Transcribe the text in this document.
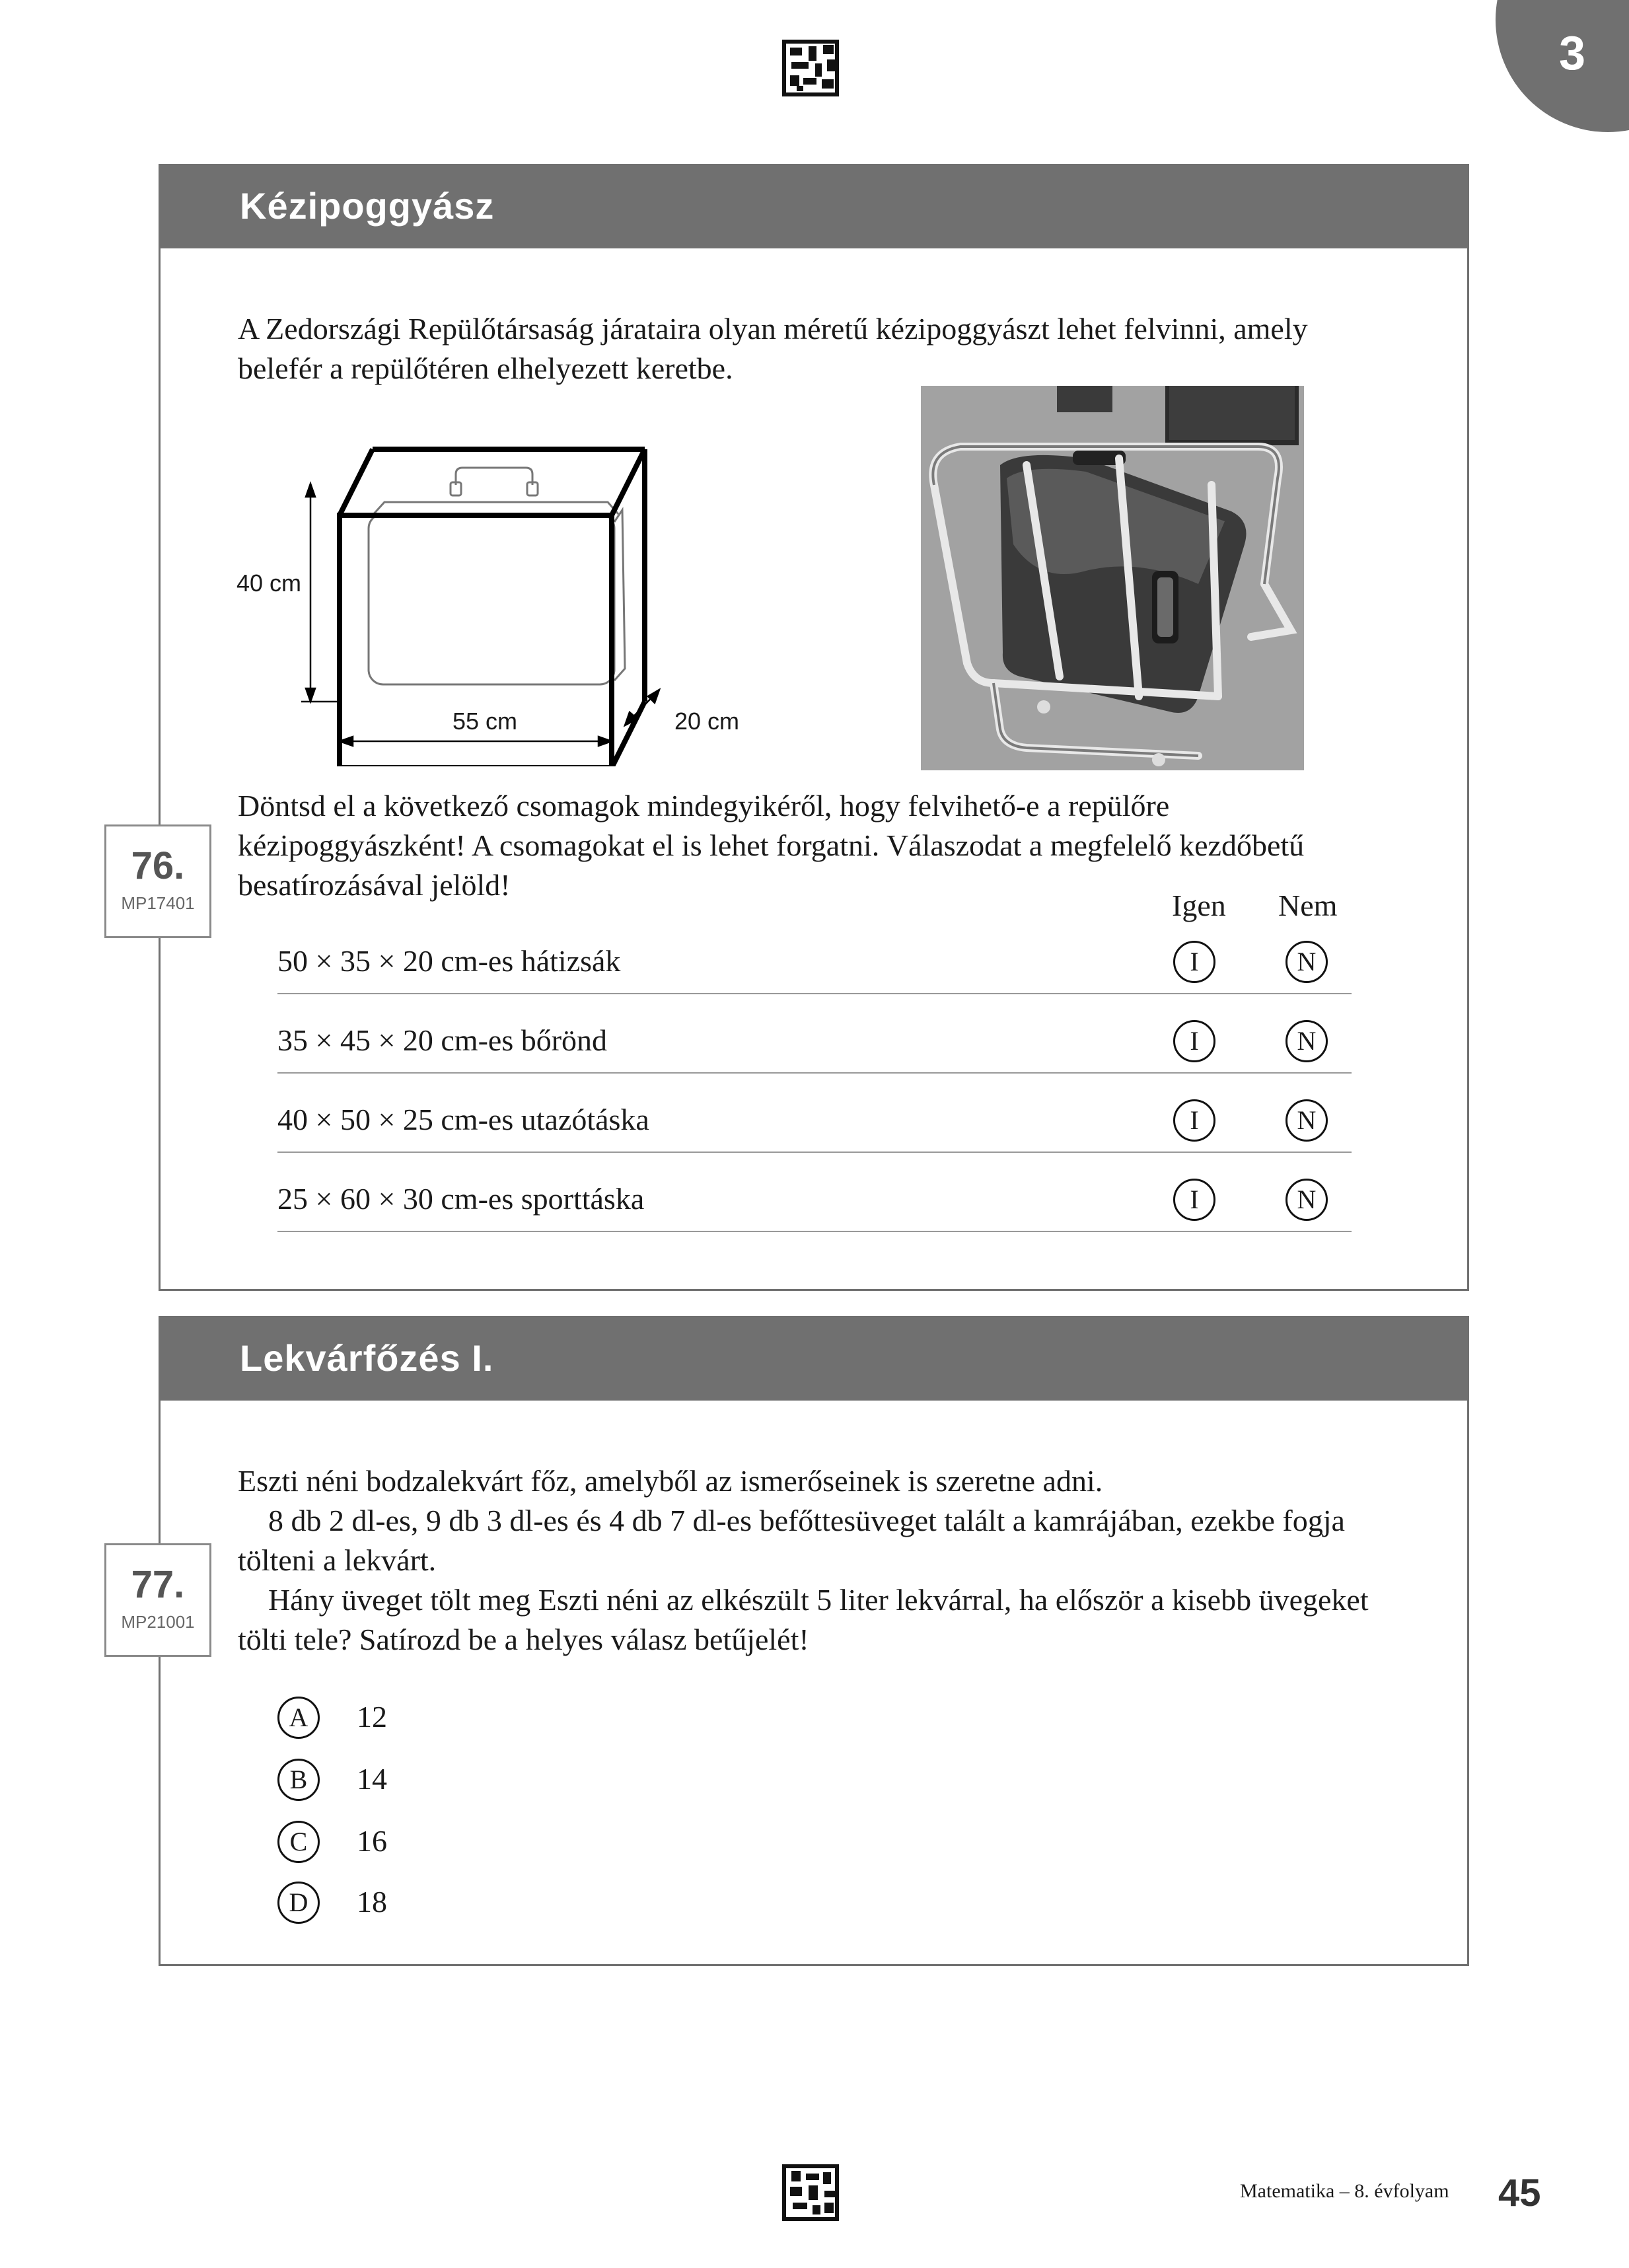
3
Kézipoggyász
A Zedországi Repülőtársaság járataira olyan méretű kézipoggyászt lehet felvinni, amely
belefér a repülőtéren elhelyezett keretbe.
40 cm
55 cm	20 cm
76.
MP17401
Döntsd el a következő csomagok mindegyikéről, hogy felvihető-e a repülőre
kézipoggyászként! A csomagokat el is lehet forgatni. Válaszodat a megfelelő kezdőbetű
besatírozásával jelöld!
Igen Nem
50 × 35 × 20 cm-es hátizsák	I	N
35 × 45 × 20 cm-es bőrönd	I	N
40 × 50 × 25 cm-es utazótáska	I	N
25 × 60 × 30 cm-es sporttáska	I	N
Lekvárfőzés I.
77.
MP21001
Eszti néni bodzalekvárt főz, amelyből az ismerőseinek is szeretne adni.
8 db 2 dl-es, 9 db 3 dl-es és 4 db 7 dl-es befőttesüveget talált a kamrájában, ezekbe fogja
tölteni a lekvárt.
Hány üveget tölt meg Eszti néni az elkészült 5 liter lekvárral, ha először a kisebb üvegeket
tölti tele? Satírozd be a helyes válasz betűjelét!
A	12
B	14
C	16
D	18
Matematika – 8. évfolyam 45
